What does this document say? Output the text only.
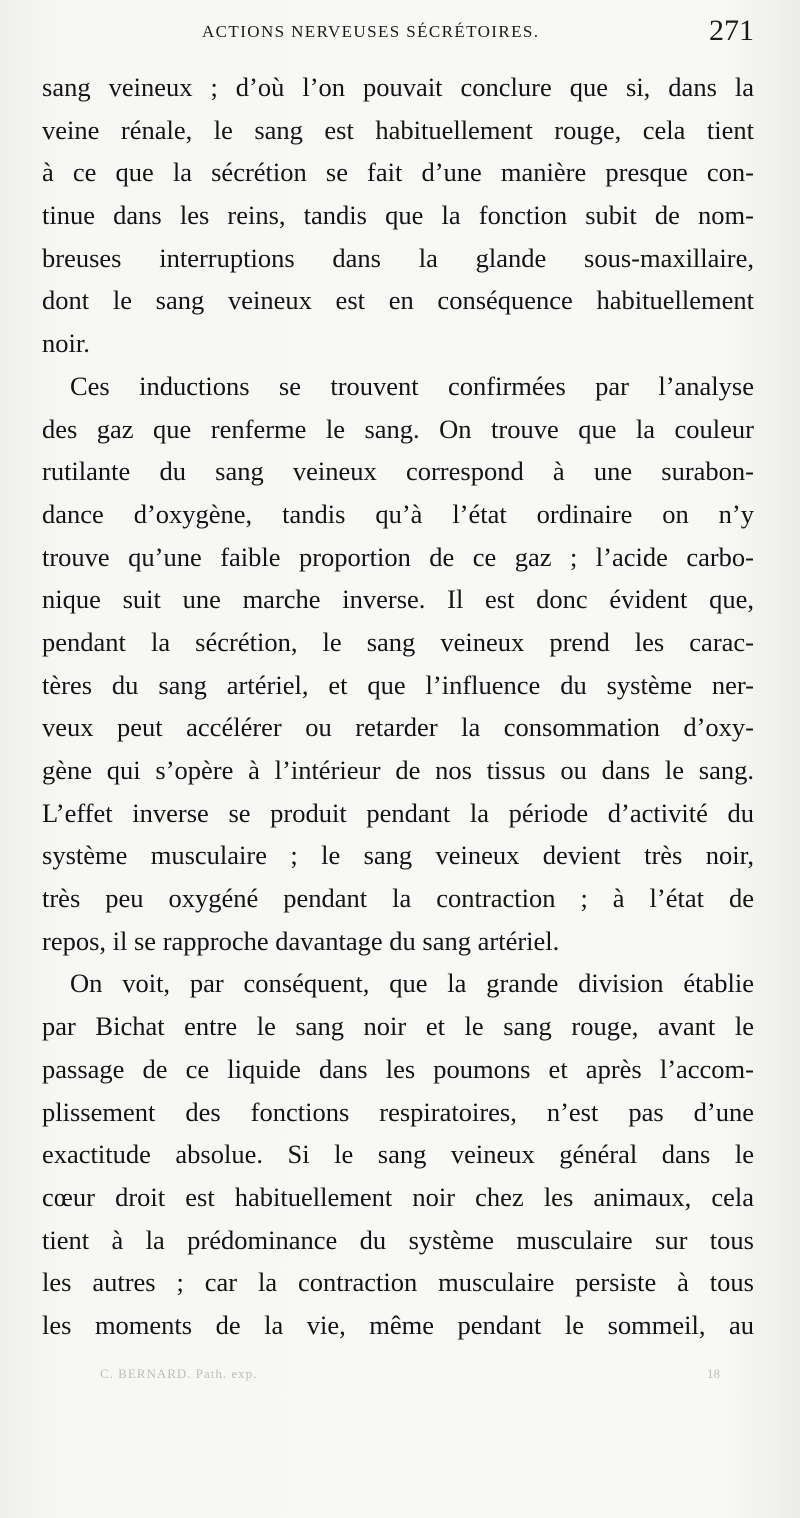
ACTIONS NERVEUSES SÉCRÉTOIRES.	271
sang veineux ; d’où l’on pouvait conclure que si, dans la
veine rénale, le sang est habituellement rouge, cela tient
à ce que la sécrétion se fait d’une manière presque con-
tinue dans les reins, tandis que la fonction subit de nom-
breuses interruptions dans la glande sous-maxillaire,
dont le sang veineux est en conséquence habituellement
noir.
Ces inductions se trouvent confirmées par l’analyse
des gaz que renferme le sang. On trouve que la couleur
rutilante du sang veineux correspond à une surabon-
dance d’oxygène, tandis qu’à l’état ordinaire on n’y
trouve qu’une faible proportion de ce gaz ; l’acide carbo-
nique suit une marche inverse. Il est donc évident que,
pendant la sécrétion, le sang veineux prend les carac-
tères du sang artériel, et que l’influence du système ner-
veux peut accélérer ou retarder la consommation d’oxy-
gène qui s’opère à l’intérieur de nos tissus ou dans le sang.
L’effet inverse se produit pendant la période d’activité du
système musculaire ; le sang veineux devient très noir,
très peu oxygéné pendant la contraction ; à l’état de
repos, il se rapproche davantage du sang artériel.
On voit, par conséquent, que la grande division établie
par Bichat entre le sang noir et le sang rouge, avant le
passage de ce liquide dans les poumons et après l’accom-
plissement des fonctions respiratoires, n’est pas d’une
exactitude absolue. Si le sang veineux général dans le
cœur droit est habituellement noir chez les animaux, cela
tient à la prédominance du système musculaire sur tous
les autres ; car la contraction musculaire persiste à tous
les moments de la vie, même pendant le sommeil, au
C. BERNARD. Path. exp.	18
